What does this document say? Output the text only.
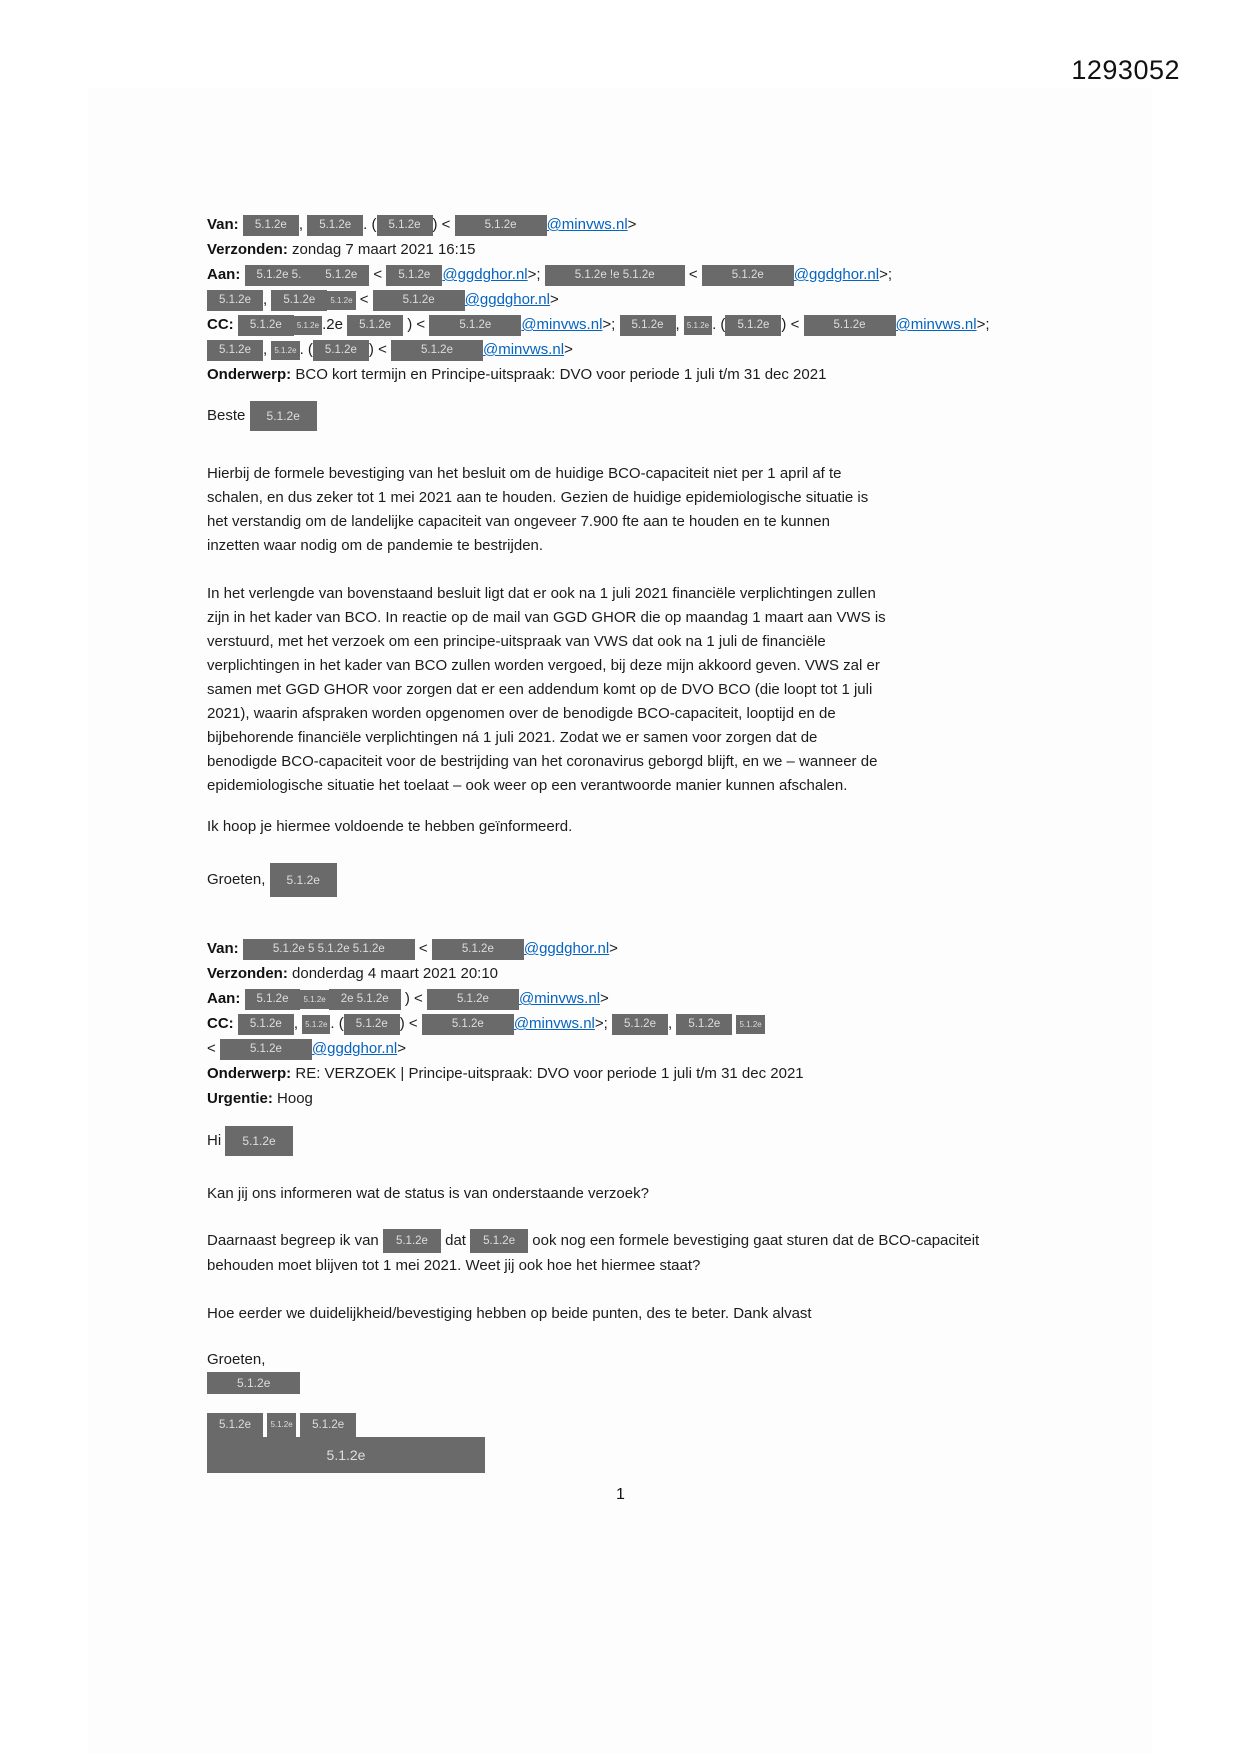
1293052
Van: 5.1.2e , 5.1.2e . ( 5.1.2e ) <	5.1.2e @minvws.nl>
Verzonden: zondag 7 maart 2021 16:15
Aan: 5.1.2e 5. 5.1.2e < 5.1.2e @ggdghor.nl>;	5.1.2e !e 5.1.2e <	5.1.2e @ggdghor.nl>;
5.1.2e , 5.1.2e 5.1.2e <	5.1.2e @ggdghor.nl>
CC: 5.1.2e 5.1.2e .2e 5.1.2e ) <	5.1.2e @minvws.nl>; 5.1.2e , 5.1.2e . ( 5.1.2e ) <	5.1.2e @minvws.nl>;
5.1.2e , 5.1.2e . ( 5.1.2e ) <	5.1.2e @minvws.nl>
Onderwerp: BCO kort termijn en Principe-uitspraak: DVO voor periode 1 juli t/m 31 dec 2021
Beste 5.1.2e
Hierbij de formele bevestiging van het besluit om de huidige BCO-capaciteit niet per 1 april af te
schalen, en dus zeker tot 1 mei 2021 aan te houden. Gezien de huidige epidemiologische situatie is
het verstandig om de landelijke capaciteit van ongeveer 7.900 fte aan te houden en te kunnen
inzetten waar nodig om de pandemie te bestrijden.
In het verlengde van bovenstaand besluit ligt dat er ook na 1 juli 2021 financiële verplichtingen zullen
zijn in het kader van BCO. In reactie op de mail van GGD GHOR die op maandag 1 maart aan VWS is
verstuurd, met het verzoek om een principe-uitspraak van VWS dat ook na 1 juli de financiële
verplichtingen in het kader van BCO zullen worden vergoed, bij deze mijn akkoord geven. VWS zal er
samen met GGD GHOR voor zorgen dat er een addendum komt op de DVO BCO (die loopt tot 1 juli
2021), waarin afspraken worden opgenomen over de benodigde BCO-capaciteit, looptijd en de
bijbehorende financiële verplichtingen ná 1 juli 2021. Zodat we er samen voor zorgen dat de
benodigde BCO-capaciteit voor de bestrijding van het coronavirus geborgd blijft, en we – wanneer de
epidemiologische situatie het toelaat – ook weer op een verantwoorde manier kunnen afschalen.
Ik hoop je hiermee voldoende te hebben geïnformeerd.
Groeten, 5.1.2e
Van:	5.1.2e 5 5.1.2e 5.1.2e <	5.1.2e @ggdghor.nl>
Verzonden: donderdag 4 maart 2021 20:10
Aan: 5.1.2e 5.1.2e 2e 5.1.2e ) <	5.1.2e @minvws.nl>
CC: 5.1.2e , 5.1.2e . ( 5.1.2e ) <	5.1.2e @minvws.nl>; 5.1.2e , 5.1.2e 5.1.2e
<	5.1.2e @ggdghor.nl>
Onderwerp: RE: VERZOEK | Principe-uitspraak: DVO voor periode 1 juli t/m 31 dec 2021
Urgentie: Hoog
Hi 5.1.2e
Kan jij ons informeren wat de status is van onderstaande verzoek?
Daarnaast begreep ik van 5.1.2e dat 5.1.2e ook nog een formele bevestiging gaat sturen dat de BCO-capaciteit behouden moet blijven tot 1 mei 2021. Weet jij ook hoe het hiermee staat?
Hoe eerder we duidelijkheid/bevestiging hebben op beide punten, des te beter. Dank alvast
Groeten,
5.1.2e
5.1.2e 5.1.2e 5.1.2e
5.1.2e
1
